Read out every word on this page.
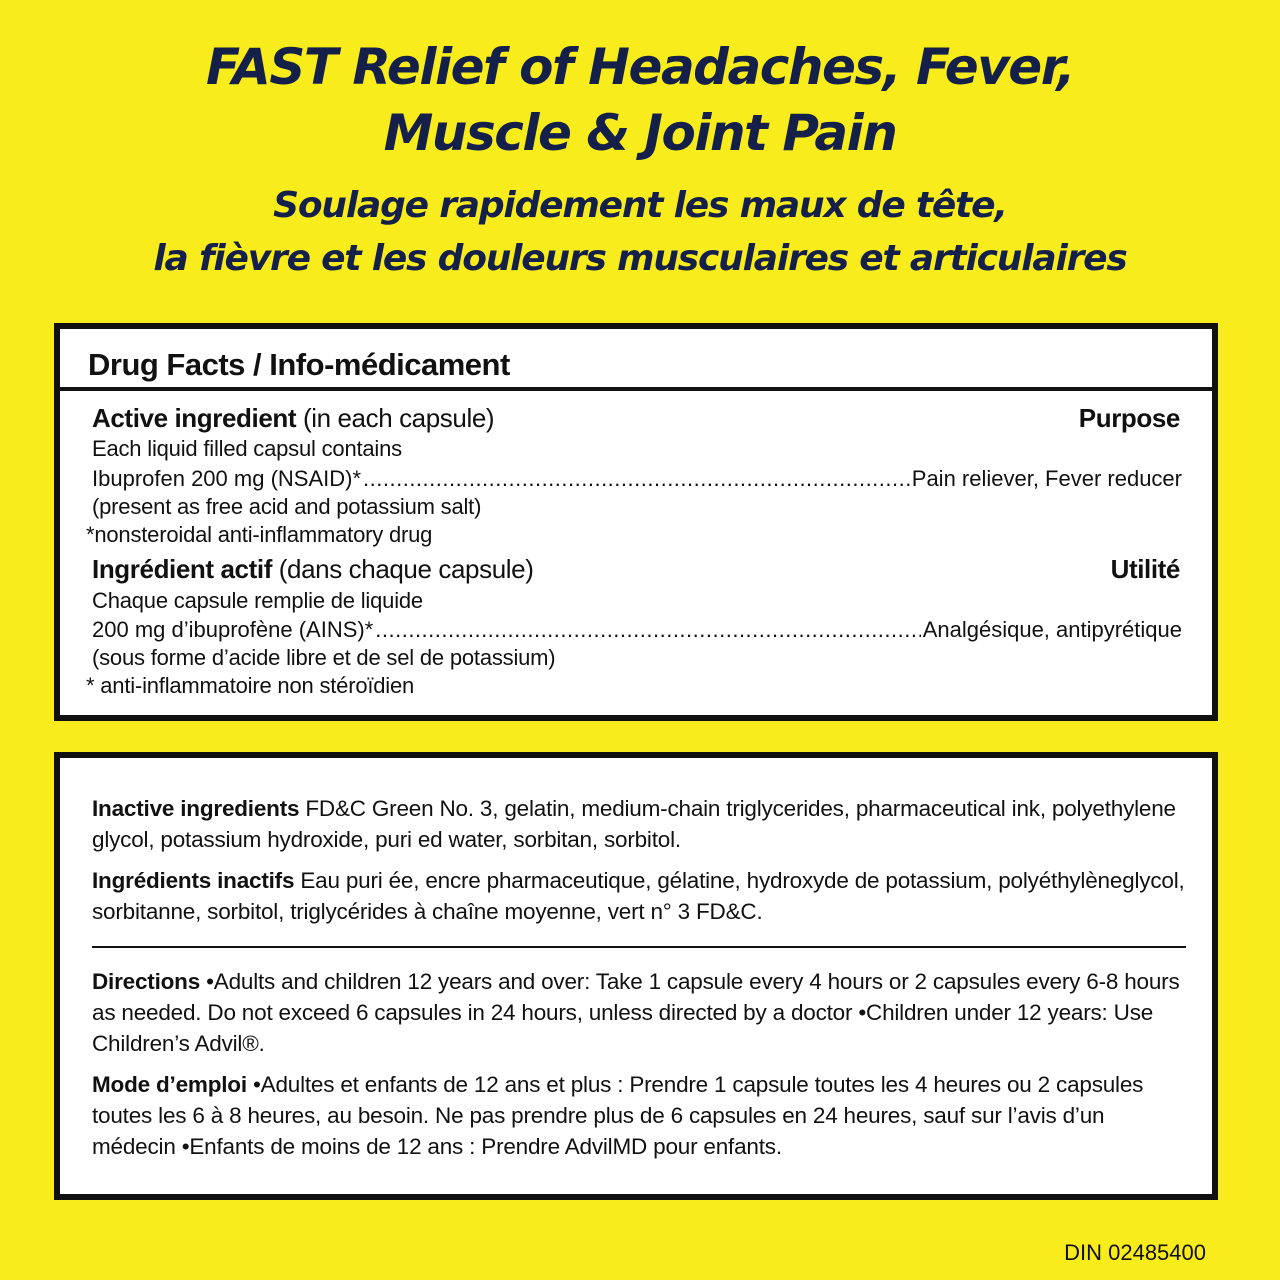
FAST Relief of Headaches, Fever,
Muscle & Joint Pain
Soulage rapidement les maux de tête,
la fièvre et les douleurs musculaires et articulaires
Drug Facts / Info-médicament
Active ingredient (in each capsule)	Purpose
Each liquid filled capsul contains
Ibuprofen 200 mg (NSAID)* .....	Pain reliever, Fever reducer
(present as free acid and potassium salt)
*nonsteroidal anti-inflammatory drug
Ingrédient actif (dans chaque capsule)	Utilité
Chaque capsule remplie de liquide
200 mg d’ibuprofène (AINS)* .....	Analgésique, antipyrétique
(sous forme d’acide libre et de sel de potassium)
* anti-inflammatoire non stéroïdien
Inactive ingredients FD&C Green No. 3, gelatin, medium-chain triglycerides, pharmaceutical ink, polyethylene glycol, potassium hydroxide, puri ed water, sorbitan, sorbitol.
Ingrédients inactifs Eau puri ée, encre pharmaceutique, gélatine, hydroxyde de potassium, polyéthylèneglycol, sorbitanne, sorbitol, triglycérides à chaîne moyenne, vert n° 3 FD&C.
Directions •Adults and children 12 years and over: Take 1 capsule every 4 hours or 2 capsules every 6-8 hours as needed. Do not exceed 6 capsules in 24 hours, unless directed by a doctor •Children under 12 years: Use Children’s Advil®.
Mode d’emploi •Adultes et enfants de 12 ans et plus : Prendre 1 capsule toutes les 4 heures ou 2 capsules toutes les 6 à 8 heures, au besoin. Ne pas prendre plus de 6 capsules en 24 heures, sauf sur l’avis d’un médecin •Enfants de moins de 12 ans : Prendre AdvilMD pour enfants.
DIN 02485400
